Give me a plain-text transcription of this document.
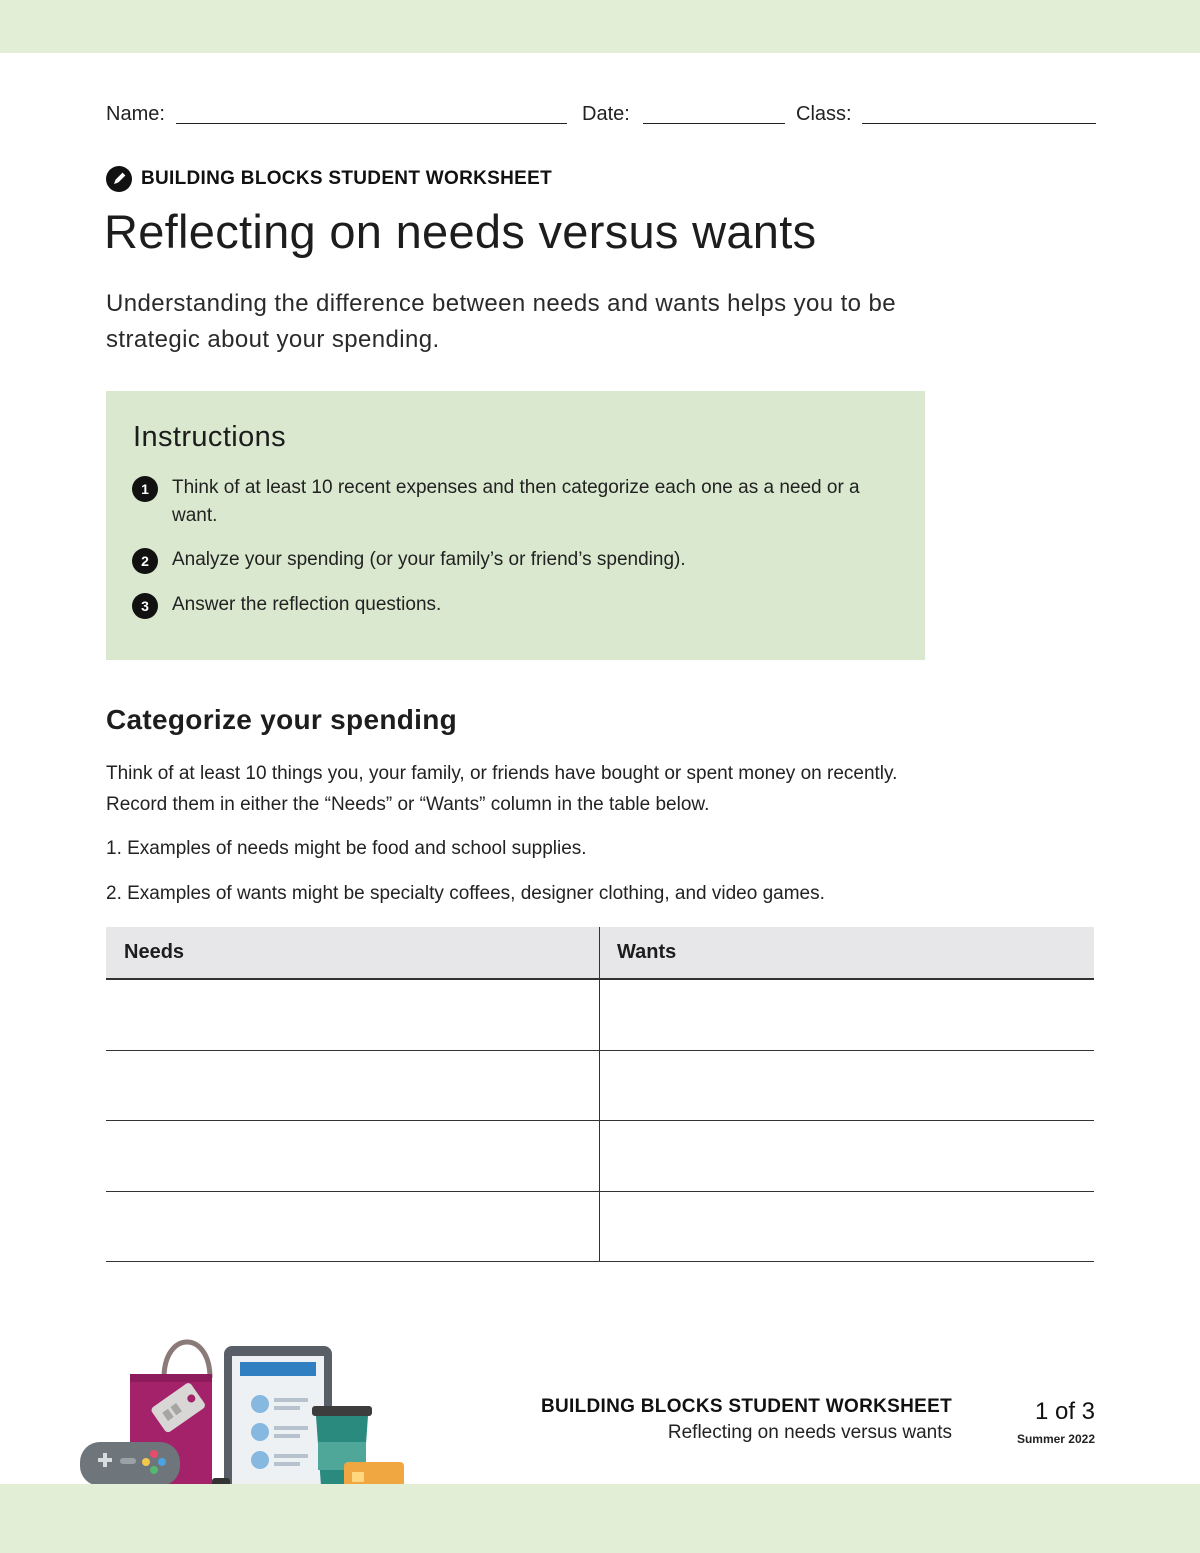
Name:	Date:	Class:
BUILDING BLOCKS STUDENT WORKSHEET
Reflecting on needs versus wants

Understanding the difference between needs and wants helps you to be strategic about your spending.

Instructions
1	Think of at least 10 recent expenses and then categorize each one as a need or a want.
2	Analyze your spending (or your family’s or friend’s spending).
3	Answer the reflection questions.
Categorize your spending

Think of at least 10 things you, your family, or friends have bought or spent money on recently. Record them in either the “Needs” or “Wants” column in the table below.

1. Examples of needs might be food and school supplies.
2. Examples of wants might be specialty coffees, designer clothing, and video games.
Needs	Wants
BUILDING BLOCKS STUDENT WORKSHEET
Reflecting on needs versus wants
1 of 3
Summer 2022
